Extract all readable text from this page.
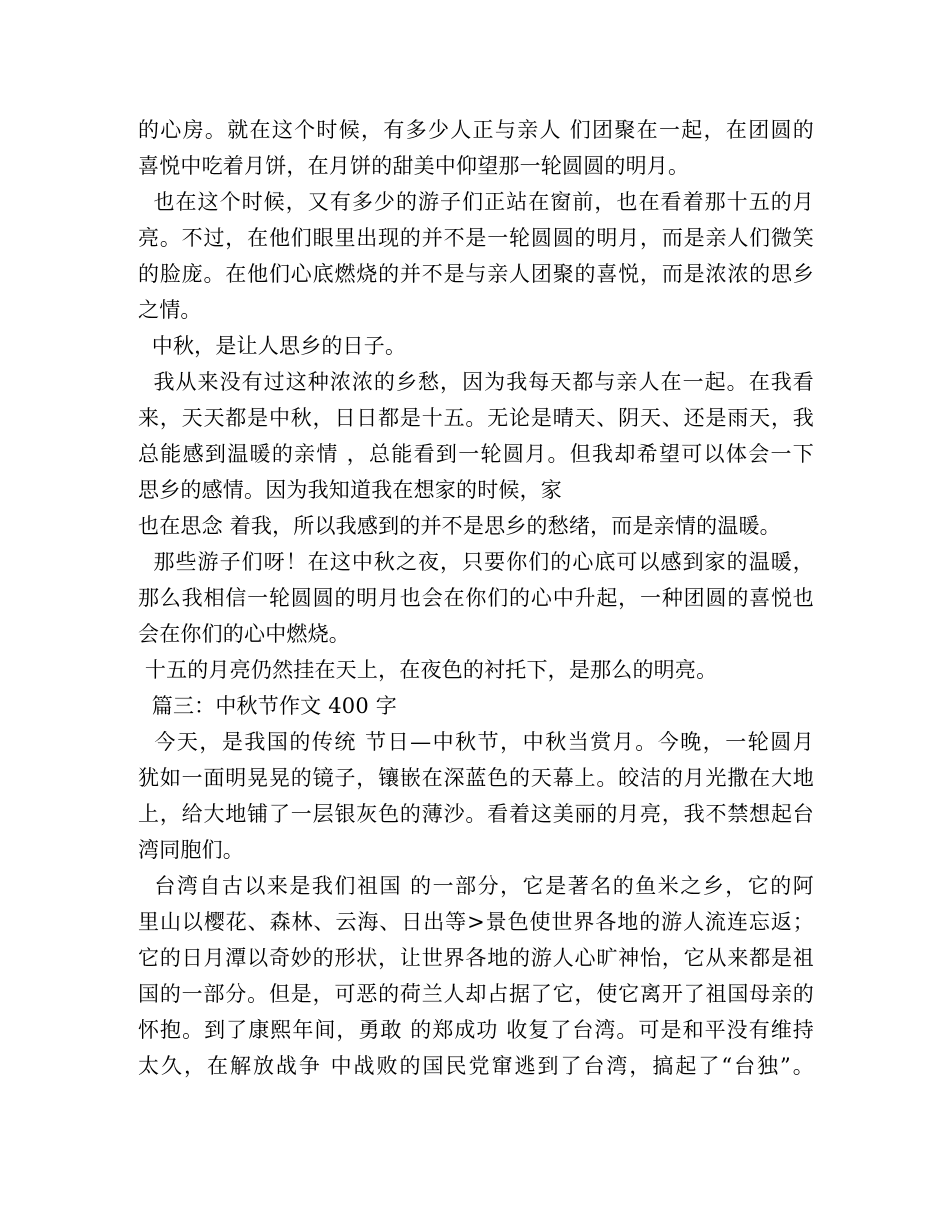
的心房。就在这个时候，有多少人正与亲人 们团聚在一起，在团圆的
喜悦中吃着月饼，在月饼的甜美中仰望那一轮圆圆的明月。
也在这个时候，又有多少的游子们正站在窗前，也在看着那十五的月
亮。不过，在他们眼里出现的并不是一轮圆圆的明月，而是亲人们微笑
的脸庞。在他们心底燃烧的并不是与亲人团聚的喜悦，而是浓浓的思乡
之情。
中秋，是让人思乡的日子。
我从来没有过这种浓浓的乡愁，因为我每天都与亲人在一起。在我看
来，天天都是中秋，日日都是十五。无论是晴天、阴天、还是雨天，我
总能感到温暖的亲情 ，总能看到一轮圆月。但我却希望可以体会一下
思乡的感情。因为我知道我在想家的时候，家
也在思念 着我，所以我感到的并不是思乡的愁绪，而是亲情的温暖。
那些游子们呀！在这中秋之夜，只要你们的心底可以感到家的温暖，
那么我相信一轮圆圆的明月也会在你们的心中升起，一种团圆的喜悦也
会在你们的心中燃烧。
十五的月亮仍然挂在天上，在夜色的衬托下，是那么的明亮。
篇三：中秋节作文 400 字
今天，是我国的传统 节日—中秋节，中秋当赏月。今晚，一轮圆月
犹如一面明晃晃的镜子，镶嵌在深蓝色的天幕上。皎洁的月光撒在大地
上，给大地铺了一层银灰色的薄沙。看着这美丽的月亮，我不禁想起台
湾同胞们。
台湾自古以来是我们祖国 的一部分，它是著名的鱼米之乡，它的阿
里山以樱花、森林、云海、日出等>景色使世界各地的游人流连忘返；
它的日月潭以奇妙的形状，让世界各地的游人心旷神怡，它从来都是祖
国的一部分。但是，可恶的荷兰人却占据了它，使它离开了祖国母亲的
怀抱。到了康熙年间，勇敢 的郑成功 收复了台湾。可是和平没有维持
太久，在解放战争 中战败的国民党窜逃到了台湾，搞起了“台独”。
